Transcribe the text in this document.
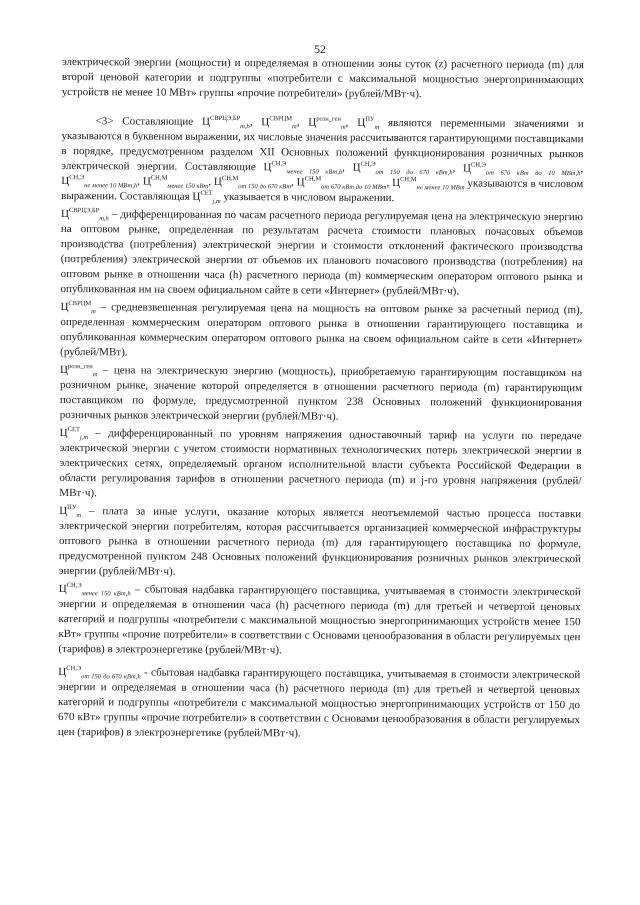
52

электрической энергии (мощности) и определяемая в отношении зоны суток (z) расчетного периода (m) для второй ценовой категории и подгруппы «потребители с максимальной мощностью энергопринимающих устройств не менее 10 МВт» группы «прочие потребители» (рублей/МВт·ч).

<3> Составляющие $Ц^{СВРЦЭ,БР}_{m,h}$, $Ц^{СВРЦМ}_m$, $Ц^{розн\_ген}_m$, $Ц^{ПУ}_m$ являются переменными значениями и указываются в буквенном выражении, их числовые значения рассчитываются гарантирующими поставщиками в порядке, предусмотренном разделом XII Основных положений функционирования розничных рынков электрической энергии. Составляющие $Ц^{СН,Э}_{менее 150 кВт,h}$, $Ц^{СН,Э}_{от 150 до 670 кВт,h}$, $Ц^{СН,Э}_{от 670 кВт до 10 МВт,h}$, $Ц^{СН,Э}_{не менее 10 МВт,h}$, $Ц^{СН,М}_{менее 150 кВт}$, $Ц^{СН,М}_{от 150 до 670 кВт}$, $Ц^{СН,М}_{от 670 кВт до 10 МВт}$, $Ц^{СН,М}_{не менее 10 МВт}$ указываются в числовом выражении. Составляющая $Ц^{СЕТ}_{j,m}$ указывается в числовом выражении.

$Ц^{СВРЦЭ,БР}_{m,h}$ – дифференцированная по часам расчетного периода регулируемая цена на электрическую энергию на оптовом рынке, определенная по результатам расчета стоимости плановых почасовых объемов производства (потребления) электрической энергии и стоимости отклонений фактического производства (потребления) электрической энергии от объемов их планового почасового производства (потребления) на оптовом рынке в отношении часа (h) расчетного периода (m) коммерческим оператором оптового рынка и опубликованная им на своем официальном сайте в сети «Интернет» (рублей/МВт·ч).

$Ц^{СВРЦМ}_m$ – средневзвешенная регулируемая цена на мощность на оптовом рынке за расчетный период (m), определенная коммерческим оператором оптового рынка в отношении гарантирующего поставщика и опубликованная коммерческим оператором оптового рынка на своем официальном сайте в сети «Интернет» (рублей/МВт).

$Ц^{розн\_ген}_m$ – цена на электрическую энергию (мощность), приобретаемую гарантирующим поставщиком на розничном рынке, значение которой определяется в отношении расчетного периода (m) гарантирующим поставщиком по формуле, предусмотренной пунктом 238 Основных положений функционирования розничных рынков электрической энергии (рублей/МВт·ч).

$Ц^{СЕТ}_{j,m}$ – дифференцированный по уровням напряжения одноставочный тариф на услуги по передаче электрической энергии с учетом стоимости нормативных технологических потерь электрической энергии в электрических сетях, определяемый органом исполнительной власти субъекта Российской Федерации в области регулирования тарифов в отношении расчетного периода (m) и j-го уровня напряжения (рублей/МВт·ч).

$Ц^{ПУ}_m$ – плата за иные услуги, оказание которых является неотъемлемой частью процесса поставки электрической энергии потребителям, которая рассчитывается организацией коммерческой инфраструктуры оптового рынка в отношении расчетного периода (m) для гарантирующего поставщика по формуле, предусмотренной пунктом 248 Основных положений функционирования розничных рынков электрической энергии (рублей/МВт·ч).

$Ц^{СН,Э}_{менее 150 кВт,h}$ – сбытовая надбавка гарантирующего поставщика, учитываемая в стоимости электрической энергии и определяемая в отношении часа (h) расчетного периода (m) для третьей и четвертой ценовых категорий и подгруппы «потребители с максимальной мощностью энергопринимающих устройств менее 150 кВт» группы «прочие потребители» в соответствии с Основами ценообразования в области регулируемых цен (тарифов) в электроэнергетике (рублей/МВт·ч).

$Ц^{СН,Э}_{от 150 до 670 кВт,h}$ - сбытовая надбавка гарантирующего поставщика, учитываемая в стоимости электрической энергии и определяемая в отношении часа (h) расчетного периода (m) для третьей и четвертой ценовых категорий и подгруппы «потребители с максимальной мощностью энергопринимающих устройств от 150 до 670 кВт» группы «прочие потребители» в соответствии с Основами ценообразования в области регулируемых цен (тарифов) в электроэнергетике (рублей/МВт·ч).
